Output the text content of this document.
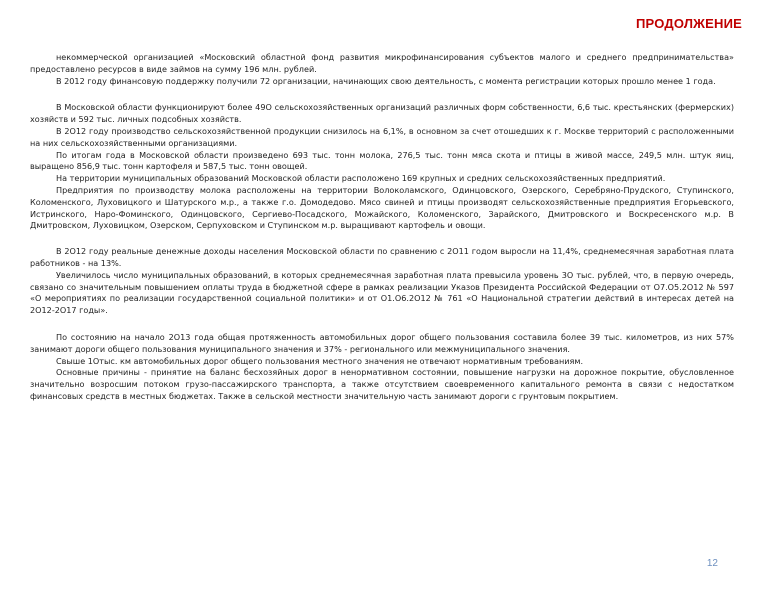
ПРОДОЛЖЕНИЕ

некоммерческой организацией «Московский областной фонд развития микрофинансирования субъектов малого и среднего предпринимательства» предоставлено ресурсов в виде займов на сумму 196 млн. рублей.

В 2012 году финансовую поддержку получили 72 организации, начинающих свою деятельность, с момента регистрации которых прошло менее 1 года.

В Московской области функционируют более 49О сельскохозяйственных организаций различных форм собственности, 6,6 тыс. крестьянских (фермерских) хозяйств и 592 тыс. личных подсобных хозяйств.

В 2О12 году производство сельскохозяйственной продукции снизилось на 6,1%, в основном за счет отошедших к г. Москве территорий с расположенными на них сельскохозяйственными организациями.

По итогам года в Московской области произведено 693 тыс. тонн молока, 276,5 тыс. тонн мяса скота и птицы в живой массе, 249,5 млн. штук яиц, выращено 856,9 тыс. тонн картофеля и 587,5 тыс. тонн овощей.

На территории муниципальных образований Московской области расположено 169 крупных и средних сельскохозяйственных предприятий.

Предприятия по производству молока расположены на территории Волоколамского, Одинцовского, Озерского, Серебряно-Прудского, Ступинского, Коломенского, Луховицкого и Шатурского м.р., а также г.о. Домодедово. Мясо свиней и птицы производят сельскохозяйственные предприятия Егорьевского, Истринского, Наро-Фоминского, Одинцовского, Сергиево-Посадского, Можайского, Коломенского, Зарайского, Дмитровского и Воскресенского м.р. В Дмитровском, Луховицком, Озерском, Серпуховском и Ступинском м.р. выращивают картофель и овощи.

В 2О12 году реальные денежные доходы населения Московской области по сравнению с 2О11 годом выросли на 11,4%, среднемесячная заработная плата работников - на 13%.

Увеличилось число муниципальных образований, в которых среднемесячная заработная плата превысила уровень 3О тыс. рублей, что, в первую очередь, связано со значительным повышением оплаты труда в бюджетной сфере в рамках реализации Указов Президента Российской Федерации от О7.О5.2О12 № 597 «О мероприятиях по реализации государственной социальной политики» и от О1.О6.2О12 № 761 «О Национальной стратегии действий в интересах детей на 2О12-2О17 годы».

По состоянию на начало 2О13 года общая протяженность автомобильных дорог общего пользования составила более 39 тыс. километров, из них 57% занимают дороги общего пользования муниципального значения и 37% - регионального или межмуниципального значения.

Свыше 1Отыс. км автомобильных дорог общего пользования местного значения не отвечают нормативным требованиям.

Основные причины - принятие на баланс бесхозяйных дорог в ненормативном состоянии, повышение нагрузки на дорожное покрытие, обусловленное значительно возросшим потоком грузо-пассажирского транспорта, а также отсутствием своевременного капитального ремонта в связи с недостатком финансовых средств в местных бюджетах. Также в сельской местности значительную часть занимают дороги с грунтовым покрытием.

12
